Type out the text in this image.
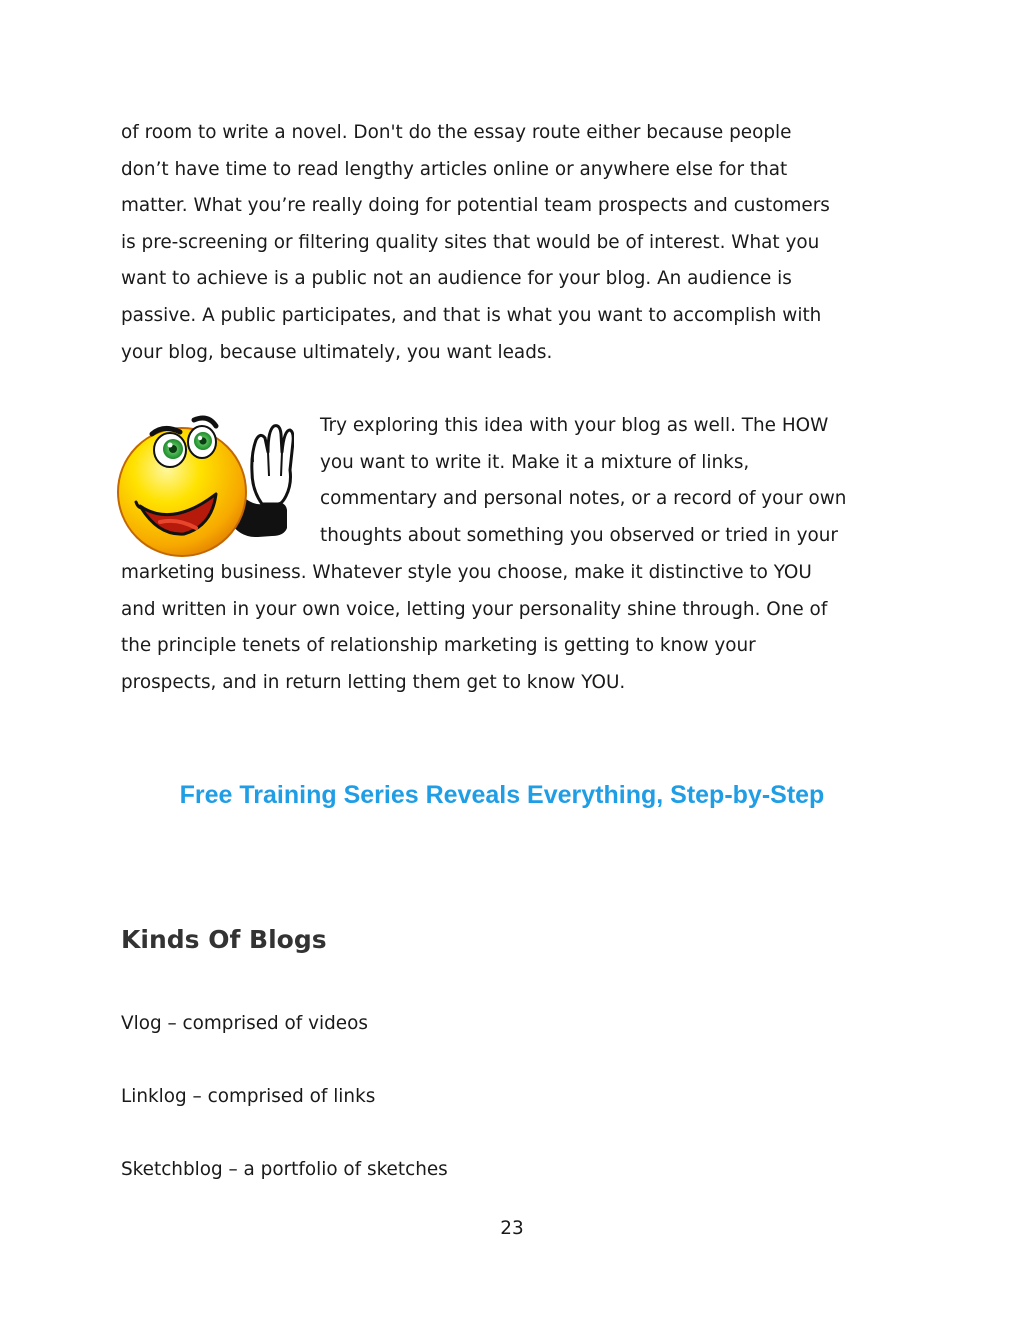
of room to write a novel. Don't do the essay route either because people
don’t have time to read lengthy articles online or anywhere else for that
matter. What you’re really doing for potential team prospects and customers
is pre-screening or filtering quality sites that would be of interest. What you
want to achieve is a public not an audience for your blog. An audience is
passive. A public participates, and that is what you want to accomplish with
your blog, because ultimately, you want leads.
Try exploring this idea with your blog as well. The HOW
you want to write it. Make it a mixture of links,
commentary and personal notes, or a record of your own
thoughts about something you observed or tried in your
marketing business. Whatever style you choose, make it distinctive to YOU
and written in your own voice, letting your personality shine through. One of
the principle tenets of relationship marketing is getting to know your
prospects, and in return letting them get to know YOU.
Free Training Series Reveals Everything, Step-by-Step
Kinds Of Blogs

Vlog – comprised of videos

Linklog – comprised of links

Sketchblog – a portfolio of sketches

23
